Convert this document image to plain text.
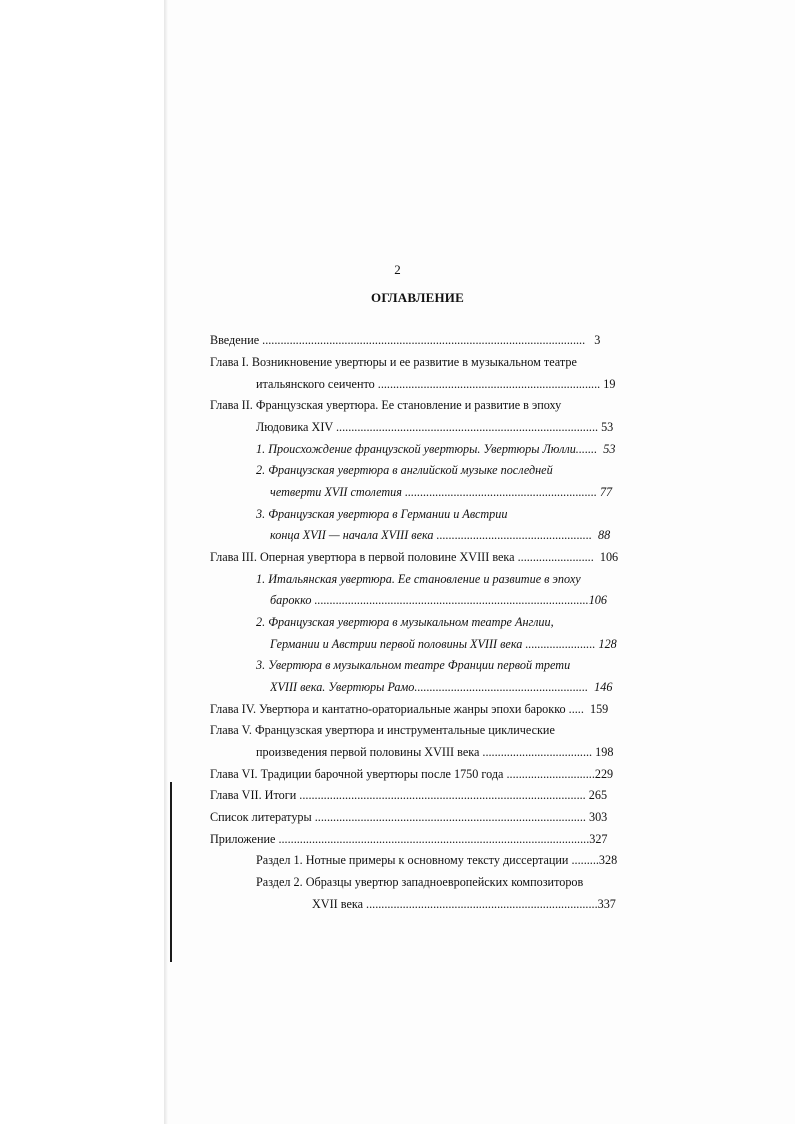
2
ОГЛАВЛЕНИЕ
Введение ..........................................................................................................   3
Глава I. Возникновение увертюры и ее развитие в музыкальном театре
итальянского сеиченто ......................................................................... 19
Глава II. Французская увертюра. Ее становление и развитие в эпоху
Людовика XIV ...................................................................................... 53
1. Происхождение французской увертюры. Увертюры Люлли.......  53
2. Французская увертюра в английской музыке последней
четверти XVII столетия ............................................................... 77
3. Французская увертюра в Германии и Австрии
конца XVII — начала XVIII века ...................................................  88
Глава III. Оперная увертюра в первой половине XVIII века .........................  106
1. Итальянская увертюра. Ее становление и развитие в эпоху
барокко ..........................................................................................106
2. Французская увертюра в музыкальном театре Англии,
Германии и Австрии первой половины XVIII века ....................... 128
3. Увертюра в музыкальном театре Франции первой трети
XVIII века. Увертюры Рамо.........................................................  146
Глава IV. Увертюра и кантатно-ораториальные жанры эпохи барокко .....  159
Глава V. Французская увертюра и инструментальные циклические
произведения первой половины XVIII века .................................... 198
Глава VI. Традиции барочной увертюры после 1750 года .............................229
Глава VII. Итоги .............................................................................................. 265
Список литературы ......................................................................................... 303
Приложение ......................................................................................................327
Раздел 1. Нотные примеры к основному тексту диссертации .........328
Раздел 2. Образцы увертюр западноевропейских композиторов
XVII века ............................................................................337
